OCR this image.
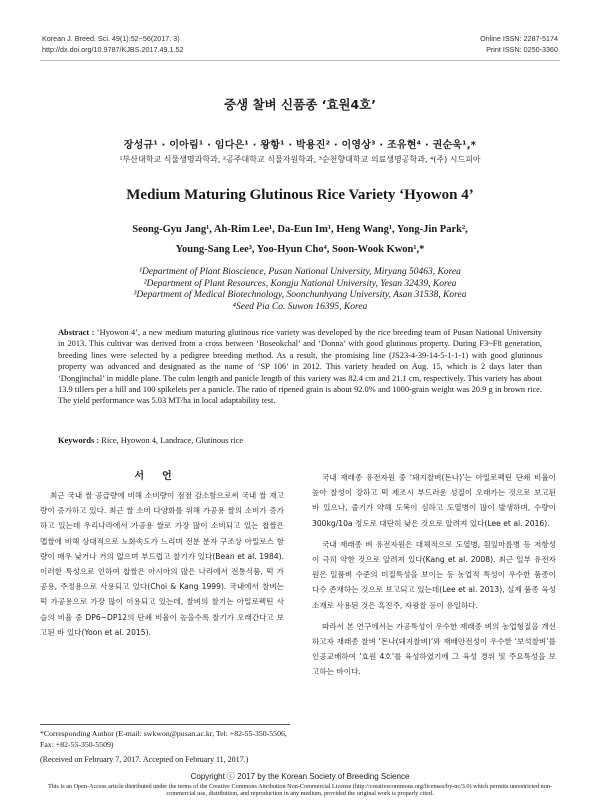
Korean J. Breed. Sci. 49(1):52~56(2017. 3)
http://dx.doi.org/10.9787/KJBS.2017.49.1.52
Online ISSN: 2287-5174
Print ISSN: 0250-3360
중생 찰벼 신품종 ‘효원4호’
장성규¹ · 이아림¹ · 임다은¹ · 왕항¹ · 박용진² · 이영상³ · 조유현⁴ · 권순욱¹,*
¹부산대학교 식물생명과학과, ²공주대학교 식물자원학과, ³순천향대학교 의료생명공학과, ⁴(주) 시드피아
Medium Maturing Glutinous Rice Variety ‘Hyowon 4’
Seong-Gyu Jang¹, Ah-Rim Lee¹, Da-Eun Im¹, Heng Wang¹, Yong-Jin Park²,
Young-Sang Lee³, Yoo-Hyun Cho⁴, Soon-Wook Kwon¹,*
¹Department of Plant Bioscience, Pusan National University, Miryang 50463, Korea
²Department of Plant Resources, Kongju National University, Yesan 32439, Korea
³Department of Medical Biotechnology, Soonchunhyang University, Asan 31538, Korea
⁴Seed Pia Co. Suwon 16395, Korea
Abstract : ‘Hyowon 4’, a new medium maturing glutinous rice variety was developed by the rice breeding team of Pusan National University in 2013. This cultivar was derived from a cross between ‘Boseokchal’ and ‘Donna’ with good glutinous property. During F3~F8 generation, breeding lines were selected by a pedigree breeding method. As a result, the promising line (JS23-4-39-14-5-1-1-1) with good glutinous property was advanced and designated as the name of ‘SP 106’ in 2012. This variety headed on Aug. 15, which is 2 days later than ‘Dongjinchal’ in middle plane. The culm length and panicle length of this variety was 82.4 cm and 21.1 cm, respectively. This variety has about 13.9 tillers per a hill and 100 spikelets per a panicle. The ratio of ripened grain is about 92.0% and 1000-grain weight was 20.9 g in brown rice. The yield performance was 5.03 MT/ha in local adaptability test.
Keywords : Rice, Hyowon 4, Landrace, Glutinous rice
서언

최근 국내 쌀 공급량에 비해 소비량이 점점 감소함으로써 국내 쌀 재고량이 증가하고 있다. 최근 쌀 소비 다양화를 위해 가공용 쌀의 소비가 증가하고 있는데 우리나라에서 가공용 쌀로 가장 많이 소비되고 있는 찹쌀은 멥쌀에 비해 상대적으로 노화속도가 느리며 전분 분자 구조상 아밀로스 함량이 매우 낮거나 거의 없으며 부드럽고 찰기가 있다(Bean et al. 1984). 이러한 특성으로 인하여 찹쌀은 아시아의 많은 나라에서 전통식품, 떡 가공용, 주정용으로 사용되고 있다(Choi & Kang 1999). 국내에서 찰벼는 떡 가공용으로 가장 많이 이용되고 있는데, 찰벼의 찰기는 아밀로펙틴 사슬의 비율 중 DP6~DP12의 단쇄 비율이 높을수록 찰기가 오래간다고 보고된 바 있다(Yoon et al. 2015).

국내 재래종 유전자원 중 ‘돼지찰벼(돈나)’는 아밀로펙틴 단쇄 비율이 높아 찰성이 강하고 떡 제조시 부드러운 성질이 오래가는 것으로 보고된 바 있으나, 줄기가 약해 도복이 심하고 도열병이 많이 발생하며, 수량이 300kg/10a 정도로 대단히 낮은 것으로 알려져 있다(Lee et al. 2016).

국내 재래종 벼 유전자원은 대체적으로 도열병, 흰잎마름병 등 저항성이 극히 약한 것으로 알려져 있다(Kang et al. 2008). 최근 일부 유전자원은 일품벼 수준의 미질특성을 보이는 등 농업적 특성이 우수한 품종이 다수 존재하는 것으로 보고되고 있는데(Lee et al. 2013), 실제 품종 육성 소재로 사용된 것은 흑진주, 자광찰 등이 유일하다.

따라서 본 연구에서는 가공특성이 우수한 재래종 벼의 농업형질을 개선하고자 재래종 찰벼 ‘돈나(돼지찰벼)’와 재배안전성이 우수한 ‘보석찰벼’를 인공교배하여 ‘효원 4호’를 육성하였기에 그 육성 경위 및 주요특성을 보고하는 바이다.

*Corresponding Author (E-mail: swkwon@pusan.ac.kr, Tel: +82-55-350-5506, Fax: +82-55-350-5509)

(Received on February 7, 2017. Accepted on February 11, 2017.)
Copyright ⓒ 2017 by the Korean Society of Breeding Science
This is an Open-Access article distributed under the terms of the Creative Commons Attribution Non-Commercial License (http://creativecommons.org/licenses/by-nc/3.0) which permits unrestricted non-commercial use, distribution, and reproduction in any medium, provided the original work is properly cited.
